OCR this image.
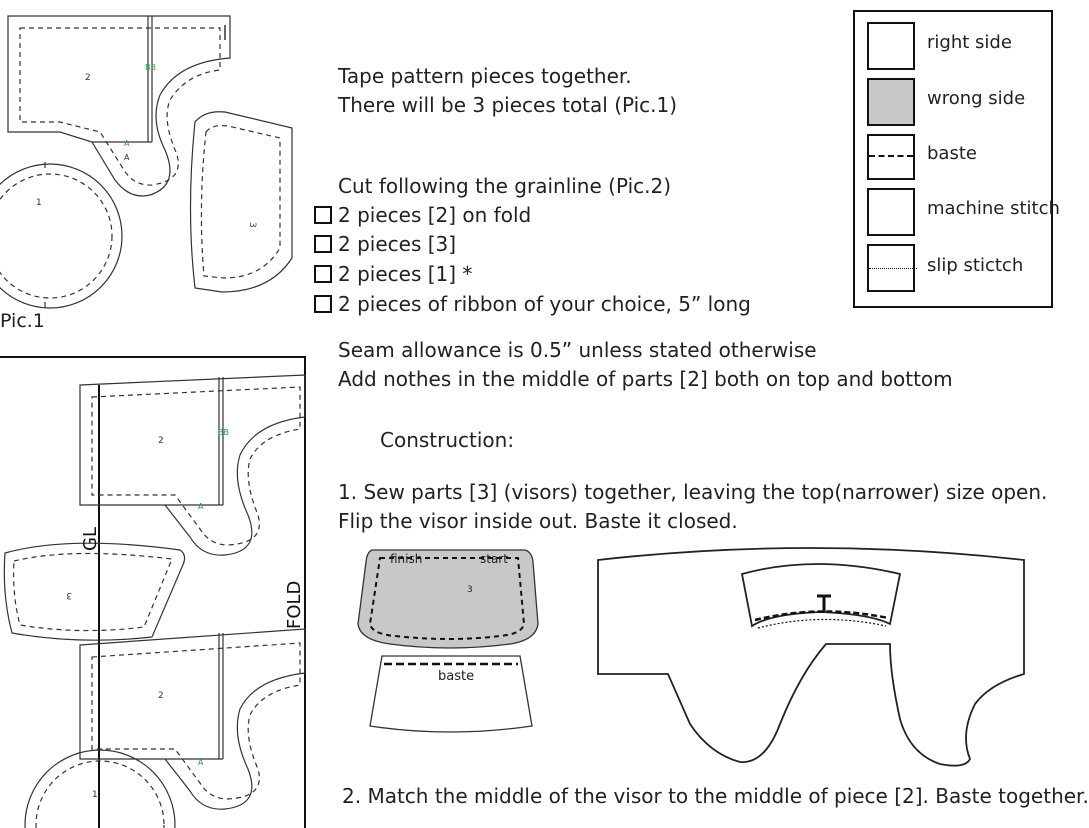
2
BB
A
A
1
3
Pic.1
2
BB
A
3
GL
FOLD
2
A
1
Tape pattern pieces together.
There will be 3 pieces total (Pic.1)
Cut following the grainline (Pic.2)
2 pieces [2] on fold
2 pieces [3]
2 pieces [1] *
2 pieces of ribbon of your choice, 5” long
Seam allowance is 0.5” unless stated otherwise
Add nothes in the middle of parts [2] both on top and bottom
Construction:
1. Sew parts [3] (visors) together, leaving the top(narrower) size open.
Flip the visor inside out. Baste it closed.
2. Match the middle of the visor to the middle of piece [2]. Baste together.
right side
wrong side
baste
machine stitch
slip stictch
finish	start
3
baste
